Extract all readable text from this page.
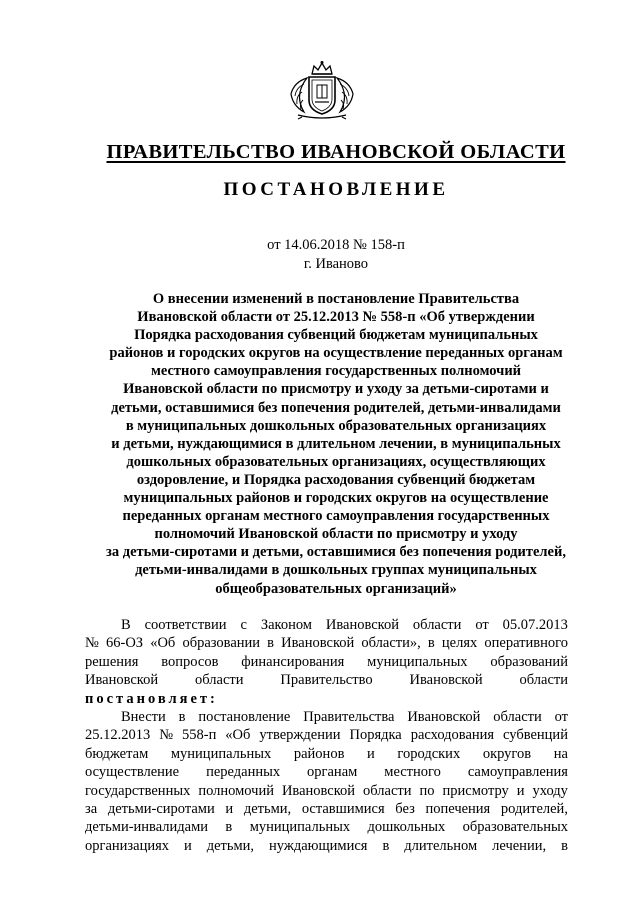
ПРАВИТЕЛЬСТВО ИВАНОВСКОЙ ОБЛАСТИ
ПОСТАНОВЛЕНИЕ
от 14.06.2018 № 158-п
г. Иваново
О внесении изменений в постановление Правительства
Ивановской области от 25.12.2013 № 558-п «Об утверждении
Порядка расходования субвенций бюджетам муниципальных
районов и городских округов на осуществление переданных органам
местного самоуправления государственных полномочий
Ивановской области по присмотру и уходу за детьми-сиротами и
детьми, оставшимися без попечения родителей, детьми-инвалидами
в муниципальных дошкольных образовательных организациях
и детьми, нуждающимися в длительном лечении, в муниципальных
дошкольных образовательных организациях, осуществляющих
оздоровление, и Порядка расходования субвенций бюджетам
муниципальных районов и городских округов на осуществление
переданных органам местного самоуправления государственных
полномочий Ивановской области по присмотру и уходу
за детьми-сиротами и детьми, оставшимися без попечения родителей,
детьми-инвалидами в дошкольных группах муниципальных
общеобразовательных организаций»
В соответствии с Законом Ивановской области от 05.07.2013
№ 66-ОЗ «Об образовании в Ивановской области», в целях оперативного
решения вопросов финансирования муниципальных образований
Ивановской	области	Правительство	Ивановской	области
постановляет:
Внести в постановление Правительства Ивановской области от
25.12.2013 № 558-п «Об утверждении Порядка расходования субвенций
бюджетам муниципальных районов и городских округов на
осуществление переданных органам местного самоуправления
государственных полномочий Ивановской области по присмотру и уходу
за детьми-сиротами и детьми, оставшимися без попечения родителей,
детьми-инвалидами в муниципальных дошкольных образовательных
организациях и детьми, нуждающимися в длительном лечении, в
